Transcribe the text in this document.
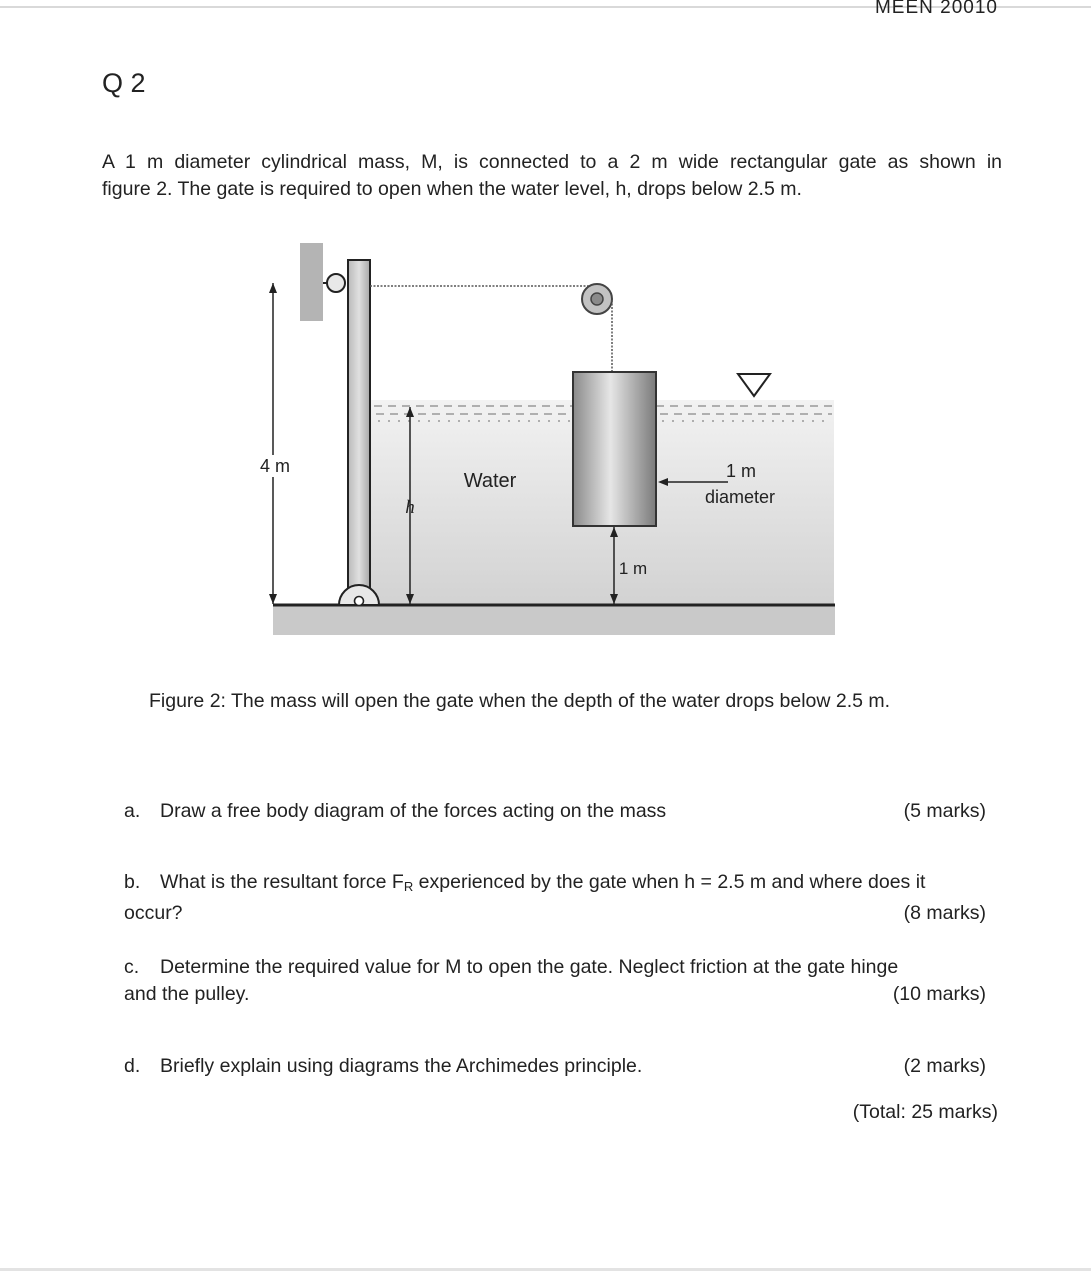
MEEN 20010
Q 2

A 1 m diameter cylindrical mass, M, is connected to a 2 m wide rectangular gate as shown in

figure 2. The gate is required to open when the water level, h, drops below 2.5 m.

4 m
h
Water	1 m
diameter
1 m
Figure 2: The mass will open the gate when the depth of the water drops below 2.5 m.
a. Draw a free body diagram of the forces acting on the mass	(5 marks)
b. What is the resultant force FR experienced by the gate when h = 2.5 m and where does it
occur?	(8 marks)
c. Determine the required value for M to open the gate. Neglect friction at the gate hinge
and the pulley.	(10 marks)
d. Briefly explain using diagrams the Archimedes principle.	(2 marks)
(Total: 25 marks)
